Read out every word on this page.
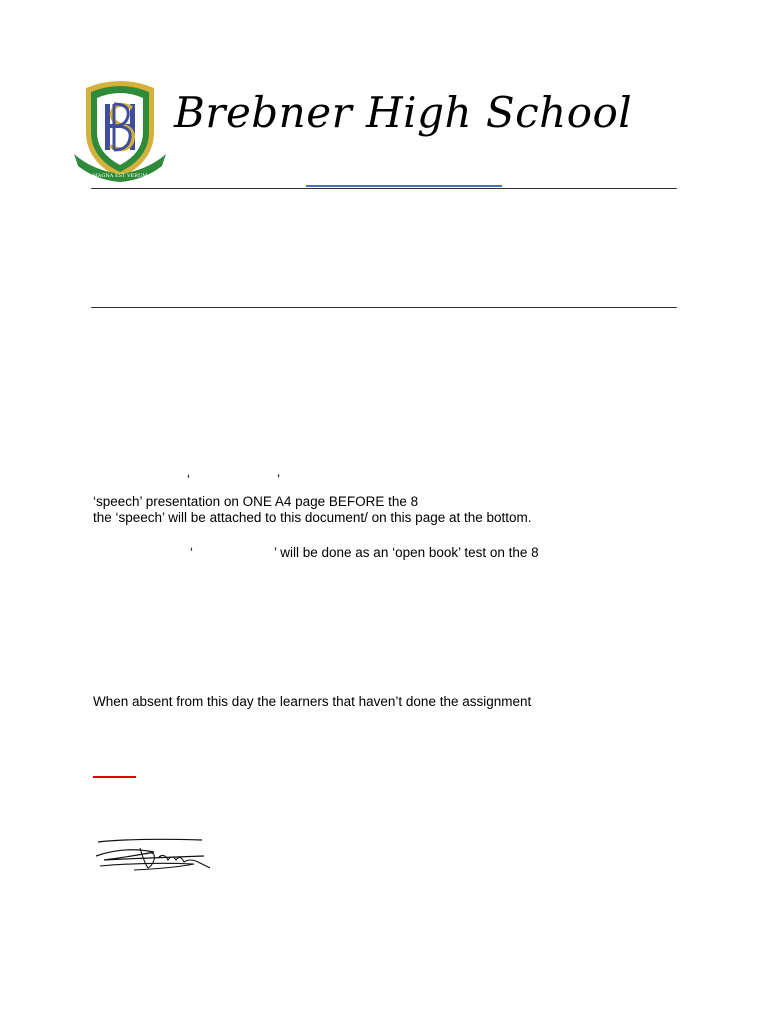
MAGNA EST VERUM
Brebner High School
‘	’
‘speech’ presentation on ONE A4 page BEFORE the 8
the ‘speech’ will be attached to this document/ on this page at the bottom.
‘	’ will be done as an ‘open book’ test on the 8
When absent from this day the learners that haven’t done the assignment
